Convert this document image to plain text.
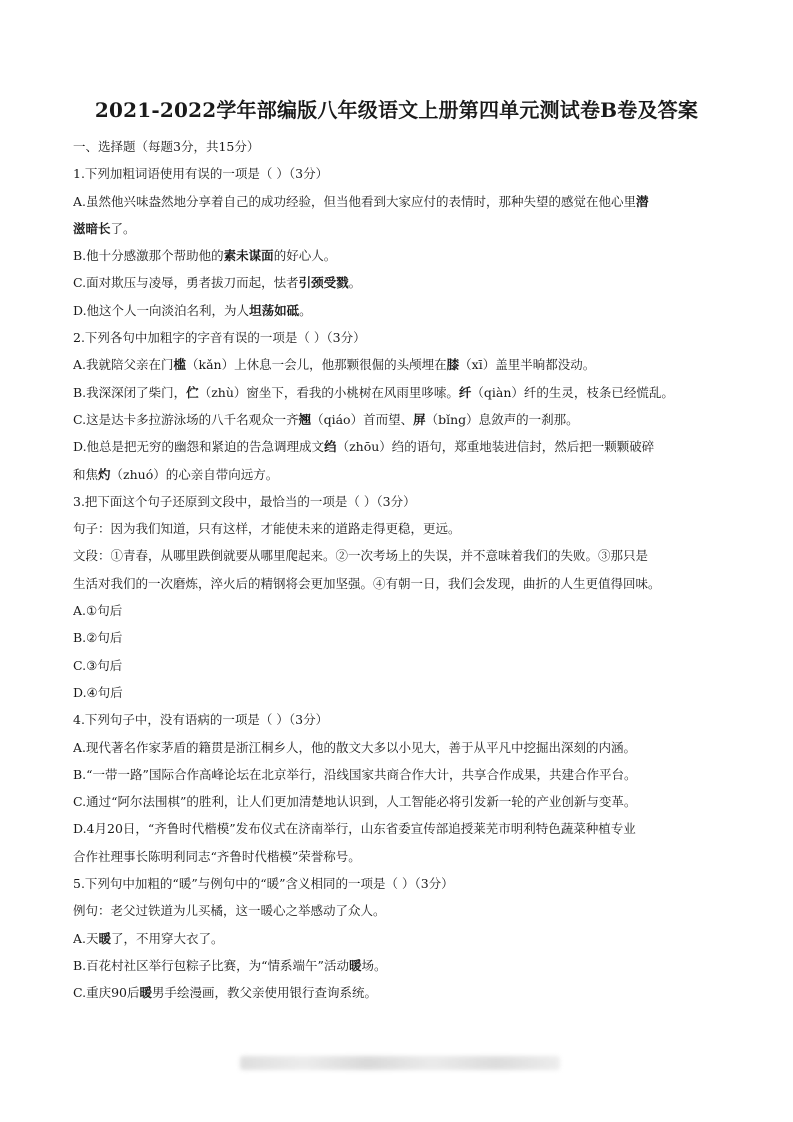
2021-2022学年部编版八年级语文上册第四单元测试卷B卷及答案
一、选择题（每题3分，共15分）
1.下列加粗词语使用有误的一项是（ ）（3分）
A.虽然他兴味盎然地分享着自己的成功经验，但当他看到大家应付的表情时，那种失望的感觉在他心里潜
滋暗长了。
B.他十分感激那个帮助他的素未谋面的好心人。
C.面对欺压与凌辱，勇者拔刀而起，怯者引颈受戮。
D.他这个人一向淡泊名利，为人坦荡如砥。
2.下列各句中加粗字的字音有误的一项是（ ）（3分）
A.我就陪父亲在门槛（kǎn）上休息一会儿，他那颗很倔的头颅埋在膝（xī）盖里半晌都没动。
B.我深深闭了柴门，伫（zhù）窗坐下，看我的小桃树在风雨里哆嗦。纤（qiàn）纤的生灵，枝条已经慌乱。
C.这是达卡多拉游泳场的八千名观众一齐翘（qiáo）首而望、屏（bǐng）息敛声的一刹那。
D.他总是把无穷的幽怨和紧迫的告急调理成文绉（zhōu）绉的语句，郑重地装进信封，然后把一颗颗破碎
和焦灼（zhuó）的心亲自带向远方。
3.把下面这个句子还原到文段中，最恰当的一项是（ ）（3分）
句子：因为我们知道，只有这样，才能使未来的道路走得更稳，更远。
文段：①青春，从哪里跌倒就要从哪里爬起来。②一次考场上的失误，并不意味着我们的失败。③那只是
生活对我们的一次磨炼，淬火后的精钢将会更加坚强。④有朝一日，我们会发现，曲折的人生更值得回味。
A.①句后
B.②句后
C.③句后
D.④句后
4.下列句子中，没有语病的一项是（ ）（3分）
A.现代著名作家茅盾的籍贯是浙江桐乡人，他的散文大多以小见大，善于从平凡中挖掘出深刻的内涵。
B.“一带一路”国际合作高峰论坛在北京举行，沿线国家共商合作大计，共享合作成果，共建合作平台。
C.通过“阿尔法围棋”的胜利，让人们更加清楚地认识到，人工智能必将引发新一轮的产业创新与变革。
D.4月20日，“齐鲁时代楷模”发布仪式在济南举行，山东省委宣传部追授莱芜市明利特色蔬菜种植专业
合作社理事长陈明利同志“齐鲁时代楷模”荣誉称号。
5.下列句中加粗的“暖”与例句中的“暖”含义相同的一项是（ ）（3分）
例句：老父过铁道为儿买橘，这一暖心之举感动了众人。
A.天暖了，不用穿大衣了。
B.百花村社区举行包粽子比赛，为“情系端午”活动暖场。
C.重庆90后暖男手绘漫画，教父亲使用银行查询系统。
